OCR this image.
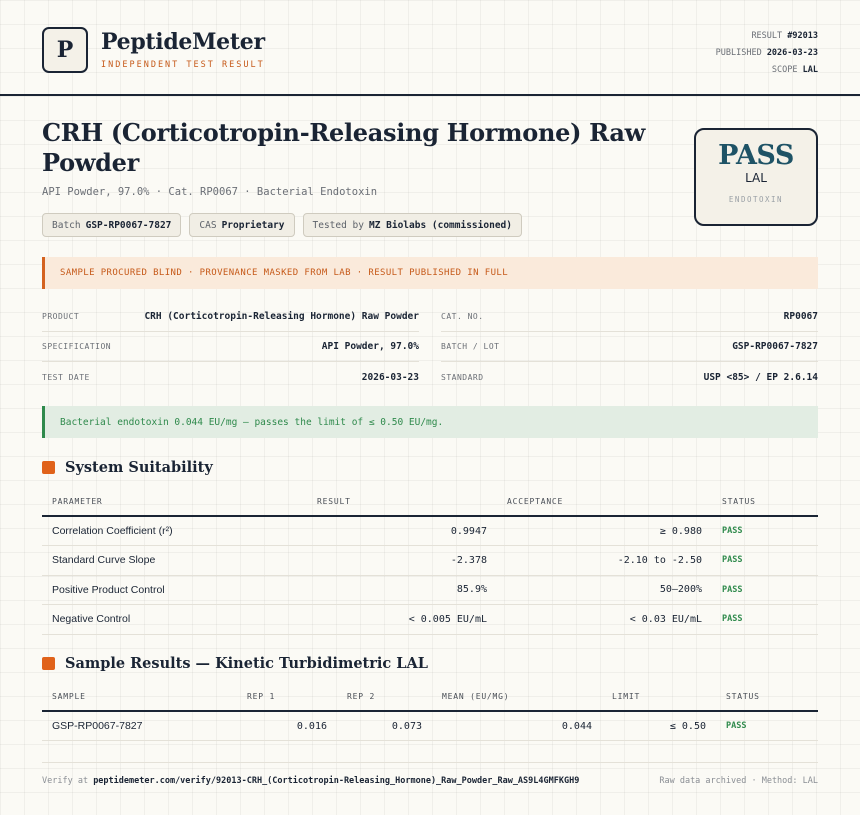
P	PeptideMeter
INDEPENDENT TEST RESULT
RESULT #92013
PUBLISHED 2026-03-23
SCOPE LAL
CRH (Corticotropin-Releasing Hormone) Raw Powder
API Powder, 97.0% · Cat. RP0067 · Bacterial Endotoxin
Batch GSP-RP0067-7827	CAS Proprietary	Tested by MZ Biolabs (commissioned)
PASS
LAL
ENDOTOXIN
SAMPLE PROCURED BLIND · PROVENANCE MASKED FROM LAB · RESULT PUBLISHED IN FULL
PRODUCT	CRH (Corticotropin-Releasing Hormone) Raw Powder
SPECIFICATION	API Powder, 97.0%
TEST DATE	2026-03-23
CAT. NO.	RP0067
BATCH / LOT	GSP-RP0067-7827
STANDARD	USP <85> / EP 2.6.14
Bacterial endotoxin 0.044 EU/mg — passes the limit of ≤ 0.50 EU/mg.
System Suitability
PARAMETER	RESULT	ACCEPTANCE	STATUS
Correlation Coefficient (r²)	0.9947	≥ 0.980	PASS
Standard Curve Slope	-2.378	-2.10 to -2.50	PASS
Positive Product Control	85.9%	50–200%	PASS
Negative Control	< 0.005 EU/mL	< 0.03 EU/mL	PASS
Sample Results — Kinetic Turbidimetric LAL
SAMPLE	REP 1	REP 2	MEAN (EU/MG)	LIMIT	STATUS
GSP-RP0067-7827	0.016	0.073	0.044	≤ 0.50	PASS
Verify at peptidemeter.com/verify/92013-CRH_(Corticotropin-Releasing_Hormone)_Raw_Powder_Raw_AS9L4GMFKGH9	Raw data archived · Method: LAL
